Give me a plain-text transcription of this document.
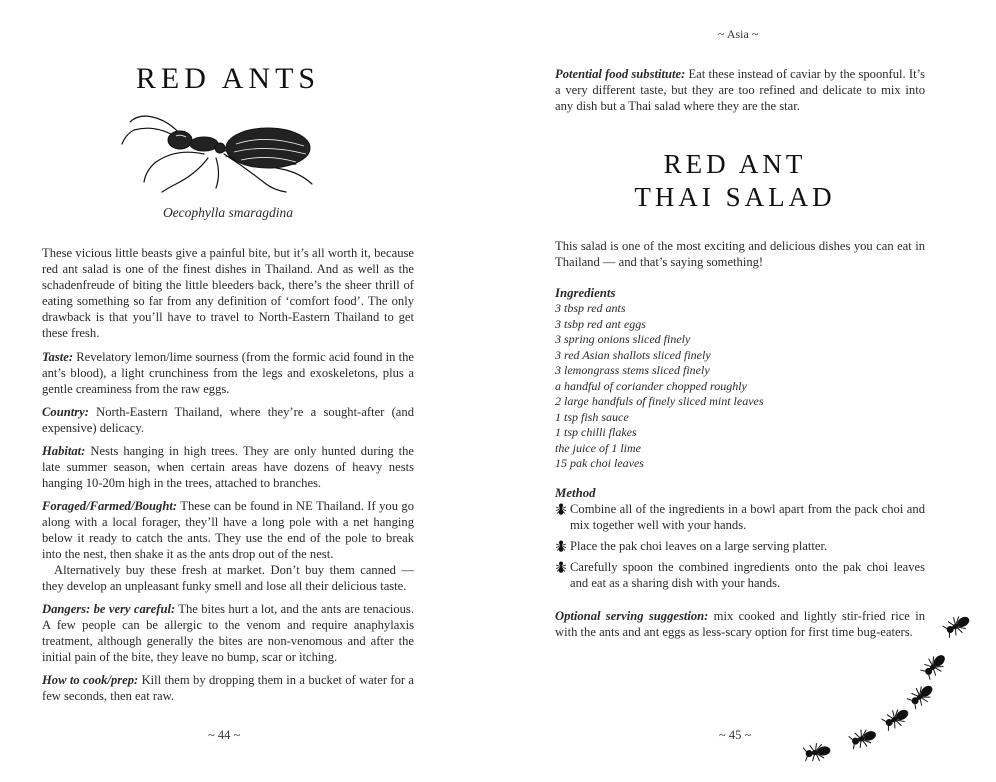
RED ANTS
Oecophylla smaragdina

These vicious little beasts give a painful bite, but it’s all worth it, because red ant salad is one of the finest dishes in Thailand. And as well as the schadenfreude of biting the little bleeders back, there’s the sheer thrill of eating something so far from any definition of ‘comfort food’. The only drawback is that you’ll have to travel to North-Eastern Thailand to get these fresh.

Taste: Revelatory lemon/lime sourness (from the formic acid found in the ant’s blood), a light crunchiness from the legs and exoskeletons, plus a gentle creaminess from the raw eggs.

Country: North-Eastern Thailand, where they’re a sought-after (and expensive) delicacy.

Habitat: Nests hanging in high trees. They are only hunted during the late summer season, when certain areas have dozens of heavy nests hanging 10-20m high in the trees, attached to branches.

Foraged/Farmed/Bought: These can be found in NE Thailand. If you go along with a local forager, they’ll have a long pole with a net hanging below it ready to catch the ants. They use the end of the pole to break into the nest, then shake it as the ants drop out of the nest.

Alternatively buy these fresh at market. Don’t buy them canned — they develop an unpleasant funky smell and lose all their delicious taste.

Dangers: be very careful: The bites hurt a lot, and the ants are tenacious. A few people can be allergic to the venom and require anaphylaxis treatment, although generally the bites are non-venomous and after the initial pain of the bite, they leave no bump, scar or itching.

How to cook/prep: Kill them by dropping them in a bucket of water for a few seconds, then eat raw.

~ 44 ~
~ Asia ~

Potential food substitute: Eat these instead of caviar by the spoonful. It’s a very different taste, but they are too refined and delicate to mix into any dish but a Thai salad where they are the star.

RED ANT
THAI SALAD

This salad is one of the most exciting and delicious dishes you can eat in Thailand — and that’s saying something!

Ingredients

3 tbsp red ants
3 tsbp red ant eggs
3 spring onions sliced finely
3 red Asian shallots sliced finely
3 lemongrass stems sliced finely
a handful of coriander chopped roughly
2 large handfuls of finely sliced mint leaves
1 tsp fish sauce
1 tsp chilli flakes
the juice of 1 lime
15 pak choi leaves

Method

Combine all of the ingredients in a bowl apart from the pack choi and mix together well with your hands.
Place the pak choi leaves on a large serving platter.
Carefully spoon the combined ingredients onto the pak choi leaves and eat as a sharing dish with your hands.

Optional serving suggestion: mix cooked and lightly stir-fried rice in with the ants and ant eggs as less-scary option for first time bug-eaters.

~ 45 ~
